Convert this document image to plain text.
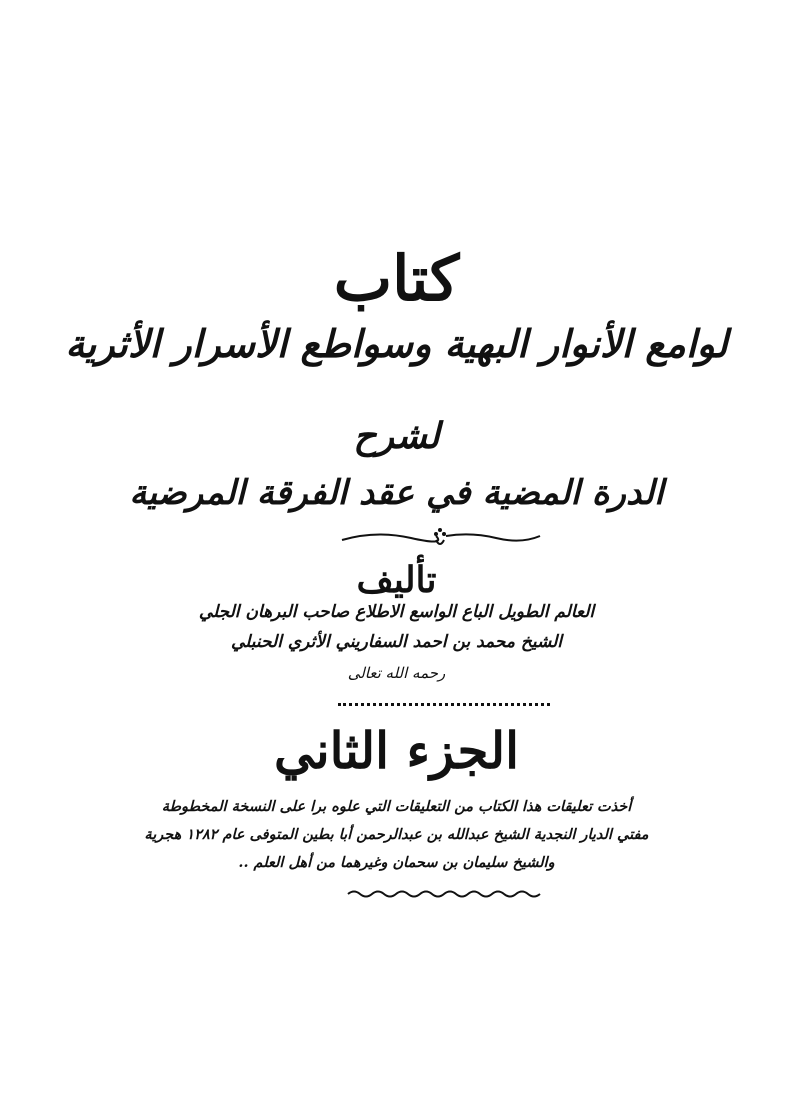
كتاب
لوامع الأنوار البهية وسواطع الأسرار الأثرية
لشرح
الدرة المضية في عقد الفرقة المرضية
تأليف
العالم الطويل الباع الواسع الاطلاع صاحب البرهان الجلي
الشيخ محمد بن احمد السفاريني الأثري الحنبلي
رحمه الله تعالى
الجزء الثاني
أخذت تعليقات هذا الكتاب من التعليقات التي علوه برا على النسخة المخطوطة
مفتي الديار النجدية الشيخ عبدالله بن عبدالرحمن أبا بطين المتوفى عام ١٢٨٢ هجرية
والشيخ سليمان بن سحمان وغيرهما من أهل العلم ..
